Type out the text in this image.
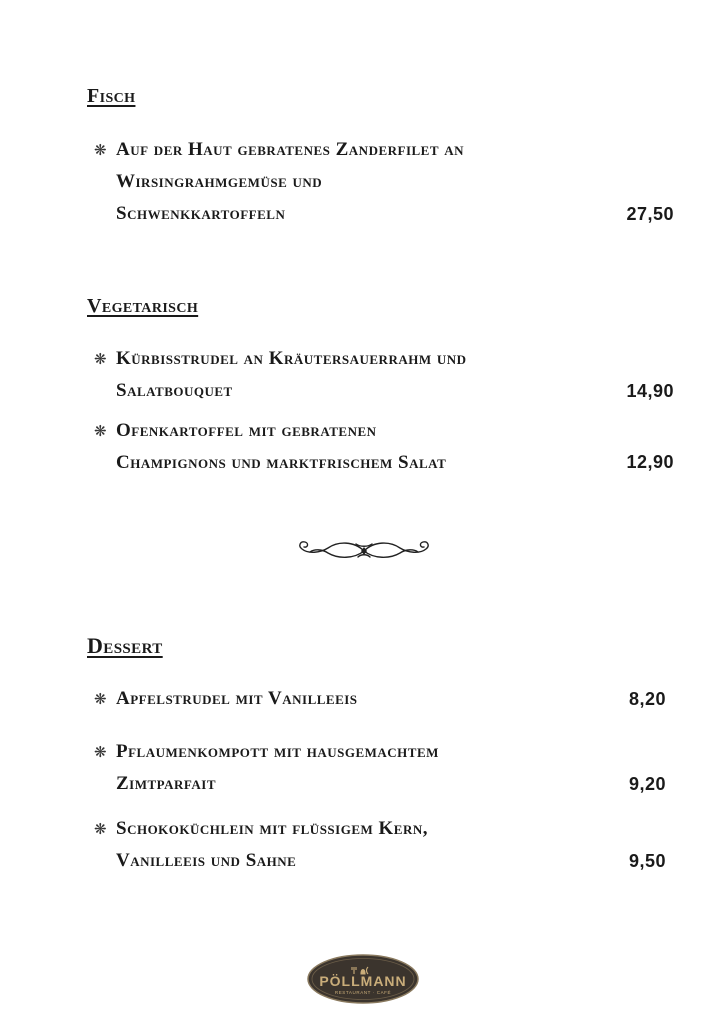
Fisch
❋ Auf der Haut gebratenes Zanderfilet an
Wirsingrahmgemüse und
Schwenkkartoffeln	27,50
Vegetarisch
❋ Kürbisstrudel an Kräutersauerrahm und
Salatbouquet	14,90
❋ Ofenkartoffel mit gebratenen
Champignons und marktfrischem Salat	12,90
Dessert
❋ Apfelstrudel mit Vanilleeis	8,20
❋ Pflaumenkompott mit hausgemachtem
Zimtparfait	9,20
❋ Schokoküchlein mit flüssigem Kern,
Vanilleeis und Sahne	9,50
PÖLLMANN
RESTAURANT · CAFÉ
